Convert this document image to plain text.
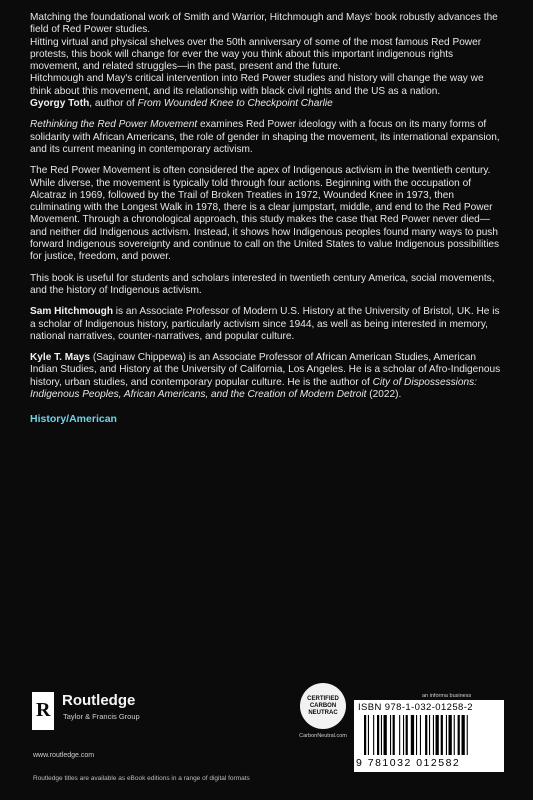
Matching the foundational work of Smith and Warrior, Hitchmough and Mays' book robustly advances the field of Red Power studies.

Hitting virtual and physical shelves over the 50th anniversary of some of the most famous Red Power protests, this book will change for ever the way you think about this important indigenous rights movement, and related struggles—in the past, present and the future.

Hitchmough and May's critical intervention into Red Power studies and history will change the way we think about this movement, and its relationship with black civil rights and the US as a nation.

Gyorgy Toth, author of From Wounded Knee to Checkpoint Charlie

Rethinking the Red Power Movement examines Red Power ideology with a focus on its many forms of solidarity with African Americans, the role of gender in shaping the movement, its international expansion, and its current meaning in contemporary activism.

The Red Power Movement is often considered the apex of Indigenous activism in the twentieth century. While diverse, the movement is typically told through four actions. Beginning with the occupation of Alcatraz in 1969, followed by the Trail of Broken Treaties in 1972, Wounded Knee in 1973, then culminating with the Longest Walk in 1978, there is a clear jumpstart, middle, and end to the Red Power Movement. Through a chronological approach, this study makes the case that Red Power never died—and neither did Indigenous activism. Instead, it shows how Indigenous peoples found many ways to push forward Indigenous sovereignty and continue to call on the United States to value Indigenous possibilities for justice, freedom, and power.

This book is useful for students and scholars interested in twentieth century America, social movements, and the history of Indigenous activism.

Sam Hitchmough is an Associate Professor of Modern U.S. History at the University of Bristol, UK. He is a scholar of Indigenous history, particularly activism since 1944, as well as being interested in memory, national narratives, counter-narratives, and popular culture.

Kyle T. Mays (Saginaw Chippewa) is an Associate Professor of African American Studies, American Indian Studies, and History at the University of California, Los Angeles. He is a scholar of Afro-Indigenous history, urban studies, and contemporary popular culture. He is the author of City of Dispossessions: Indigenous Peoples, African Americans, and the Creation of Modern Detroit (2022).

History/American

R Routledge
Taylor & Francis Group
www.routledge.com
CERTIFIED CARBON NEUTRAC
CarbonNeutral.com
an informa business
ISBN 978-1-032-01258-2
9 781032 012582
Routledge titles are available as eBook editions in a range of digital formats
